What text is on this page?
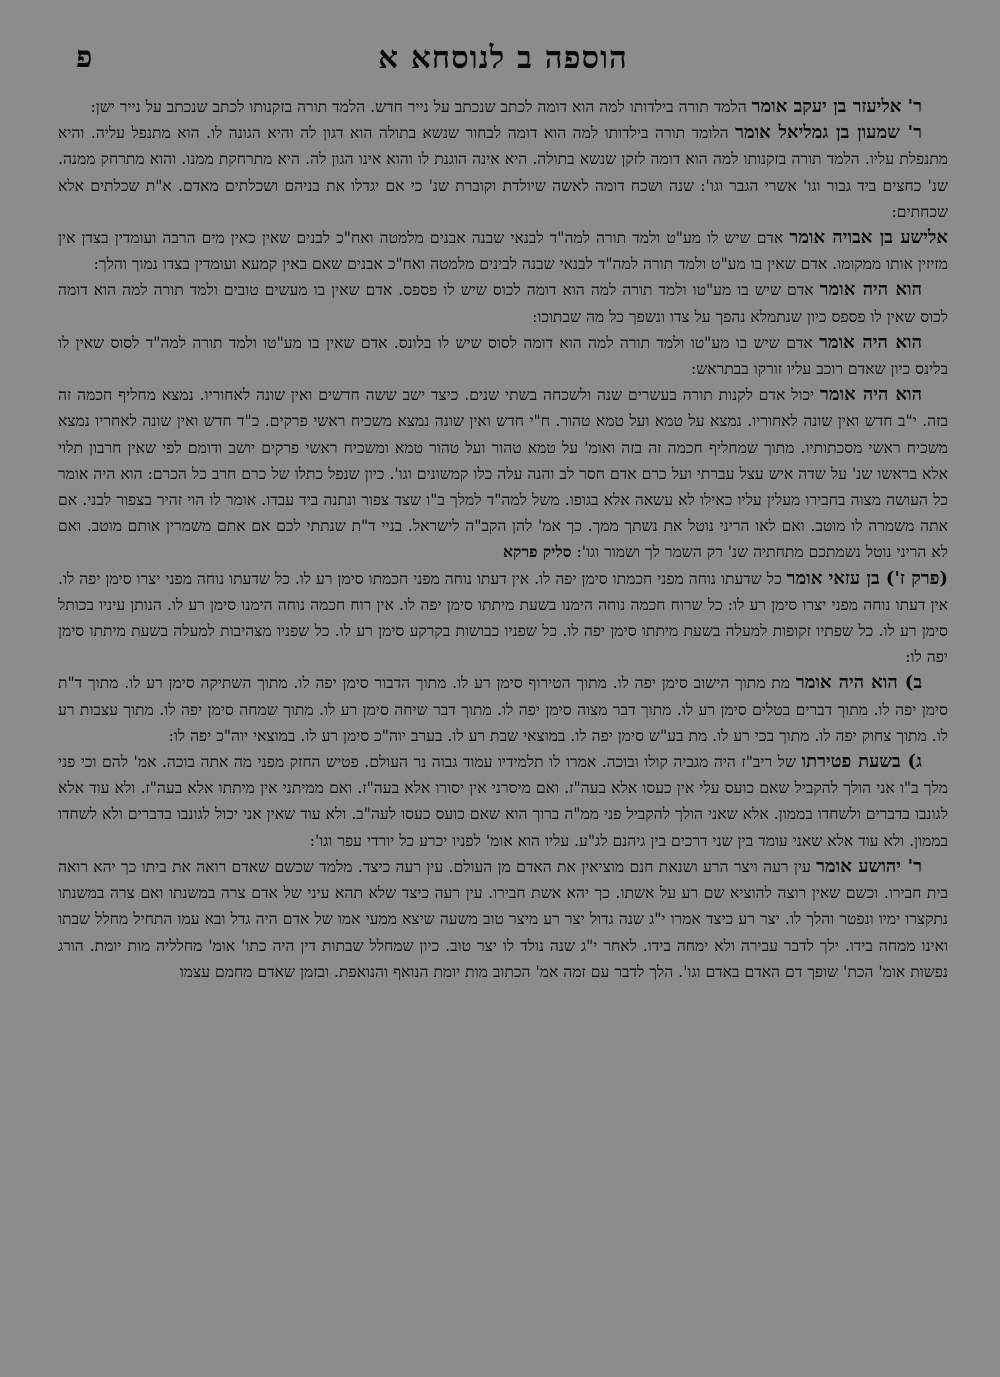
הוספה ב לנוסחא א
פ

ר' אליעזר בן יעקב אומר הלמד תורה בילדותו למה הוא דומה לכתב שנכתב על נייר חדש. הלמד תורה בזקנותו לכתב שנכתב על נייר ישן:

ר' שמעון בן גמליאל אומר הלומד תורה בילדותו למה הוא דומה לבחור שנשא בתולה הוא דגון לה והיא הגונה לו. הוא מתנפל עליה. והיא מתנפלת עליו. הלמד תורה בזקנותו למה הוא דומה לזקן שנשא בתולה. היא אינה הוגנת לו והוא אינו הגון לה. היא מתרחקת ממנו. והוא מתרחק ממנה. שנ' כחצים ביד גבור וגו' אשרי הגבר וגו': שנה ושכח דומה לאשה שיולדת וקוברת שנ' כי אם יגדלו את בניהם ושכלתים מאדם. א"ת שכלתים אלא שכחתים:

אלישע בן אבויה אומר אדם שיש לו מע"ט ולמד תורה למה"ד לבנאי שבנה אבנים מלמטה ואח"כ לבנים שאין כאין מים הרבה ועומדין בצדן אין מזיזין אותו ממקומו. אדם שאין בו מע"ט ולמד תורה למה"ד לבנאי שבנה לבינים מלמטה ואח"כ אבנים שאם באין קמעא ועומדין בצדו נמוך והלך:

הוא היה אומר אדם שיש בו מע"טו ולמד תורה למה הוא דומה לכוס שיש לו פספס. אדם שאין בו מעשים טובים ולמד תורה למה הוא דומה לכוס שאין לו פספס כיון שנתמלא נהפך על צדו ונשפך כל מה שבתוכו:

הוא היה אומר אדם שיש בו מע"טו ולמד תורה למה הוא דומה לסוס שיש לו בלונס. אדם שאין בו מע"טו ולמד תורה למה"ד לסוס שאין לו בלינס כיון שאדם רוכב עליו זורקו בבתראש:

הוא היה אומר יכול אדם לקנות תורה בעשרים שנה ולשכחה בשתי שנים. כיצד ישב ששה חדשים ואין שונה לאחוריו. נמצא מחליף חכמה זה בזה. י"ב חדש ואין שונה לאחוריו. נמצא על טמא ועל טמא טהור. ח"י חדש ואין שונה נמצא משכיח ראשי פרקים. כ"ד חדש ואין שונה לאחריו נמצא משכיח ראשי מסכתותיו. מתוך שמחליף חכמה זה בזה ואומ' על טמא טהור ועל טהור טמא ומשכיח ראשי פרקים יושב ודומם לפי שאין חרבון תלוי אלא בראשו שנ' על שדה איש עצל עברתי ועל כרם אדם חסר לב והנה עלה כלו קמשונים וגו'. כיון שנפל כתלו של כרם חרב כל הכרם: הוא היה אומר כל העושה מצוה בחבירו מעלין עליו כאילו לא עשאה אלא בגופו. משל למה"ד למלך ב"ו שצד צפור ונתנה ביד עבדו. אומר לו הוי זהיר בצפור לבני. אם אתה משמרה לו מוטב. ואם לאו הריני נוטל את נשתך ממך. כך אמ' להן הקב"ה לישראל. בניי ד"ת שנתתי לכם אם אתם משמרין אותם מוטב. ואם לא הריני נוטל נשמתכם מתחתיה שנ' רק השמר לך ושמור וגו': סליק פרקא

(פרק ז') בן עזאי אומר כל שדעתו נוחה מפני חכמתו סימן יפה לו. אין דעתו נוחה מפני חכמתו סימן רע לו. כל שדעתו נוחה מפני יצרו סימן יפה לו. אין דעתו נוחה מפני יצרו סימן רע לו: כל שרוח חכמה נוחה הימנו בשעת מיתתו סימן יפה לו. אין רוח חכמה נוחה הימנו סימן רע לו. הנותן עיניו בכותל סימן רע לו. כל שפתיו זקופות למעלה בשעת מיתתו סימן יפה לו. כל שפניו כבושות בקרקע סימן רע לו. כל שפניו מצהיבות למעלה בשעת מיתתו סימן יפה לו:

ב) הוא היה אומר מת מתוך הישוב סימן יפה לו. מתוך הטירוף סימן רע לו. מתוך הדבור סימן יפה לו. מתוך השתיקה סימן רע לו. מתוך ד"ת סימן יפה לו. מתוך דברים בטלים סימן רע לו. מתוך דבר מצוה סימן יפה לו. מתוך דבר שיחה סימן רע לו. מתוך שמחה סימן יפה לו. מתוך עצבות רע לו. מתוך צחוק יפה לו. מתוך בכי רע לו. מת בע"ש סימן יפה לו. במוצאי שבת רע לו. בערב יוה"כ סימן רע לו. במוצאי יוה"כ יפה לו:

ג) בשעת פטירתו של ריב"ז היה מגביה קולו ובוכה. אמרו לו תלמידיו עמוד גבוה נר העולם. פטיש החזק מפני מה אתה בוכה. אמ' להם וכי פני מלך ב"ו אני הולך להקביל שאם כועס עלי אין כעסו אלא בעה"ז. ואם מיסרני אין יסורו אלא בעה"ז. ואם ממיתני אין מיתתו אלא בעה"ז. ולא עוד אלא לגונבו בדברים ולשחדו בממון. אלא שאני הולך להקביל פני ממ"ה ברוך הוא שאם כועס כעסו לעה"ב. ולא עוד שאין אני יכול לגונבו בדברים ולא לשחדו בממון. ולא עוד אלא שאני עומד בין שני דרכים בין גיהנם לג"ע. עליו הוא אומ' לפניו יכרע כל יורדי עפר וגו':

ר' יהושע אומר עין רעה ויצר הרע ושנאת חנם מוציאין את האדם מן העולם. עין רעה כיצד. מלמד שכשם שאדם רואה את ביתו כך יהא רואה בית חבירו. וכשם שאין רוצה להוציא שם רע על אשתו. כך יהא אשת חבירו. עין רעה כיצד שלא תהא עיני של אדם צרה במשנתו ואם צרה במשנתו נתקצרו ימיו ונפטר והלך לו. יצר רע כיצד אמרו י"ג שנה גדול יצר רע מיצר טוב משעה שיצא ממעי אמו של אדם היה גדל ובא עמו התחיל מחלל שבתו ואינו ממחה בידו. ילך לדבר עבירה ולא ימחה בידו. לאחר י"ג שנה נולד לו יצר טוב. כיון שמחלל שבתות דין היה כתו' אומ' מחלליה מות יומת. הורג נפשות אומ' הכת' שופך דם האדם באדם וגו'. הלך לדבר עם זמה אמ' הכתוב מות יומת הנואף והנואפת. ובזמן שאדם מחמם עצמו
